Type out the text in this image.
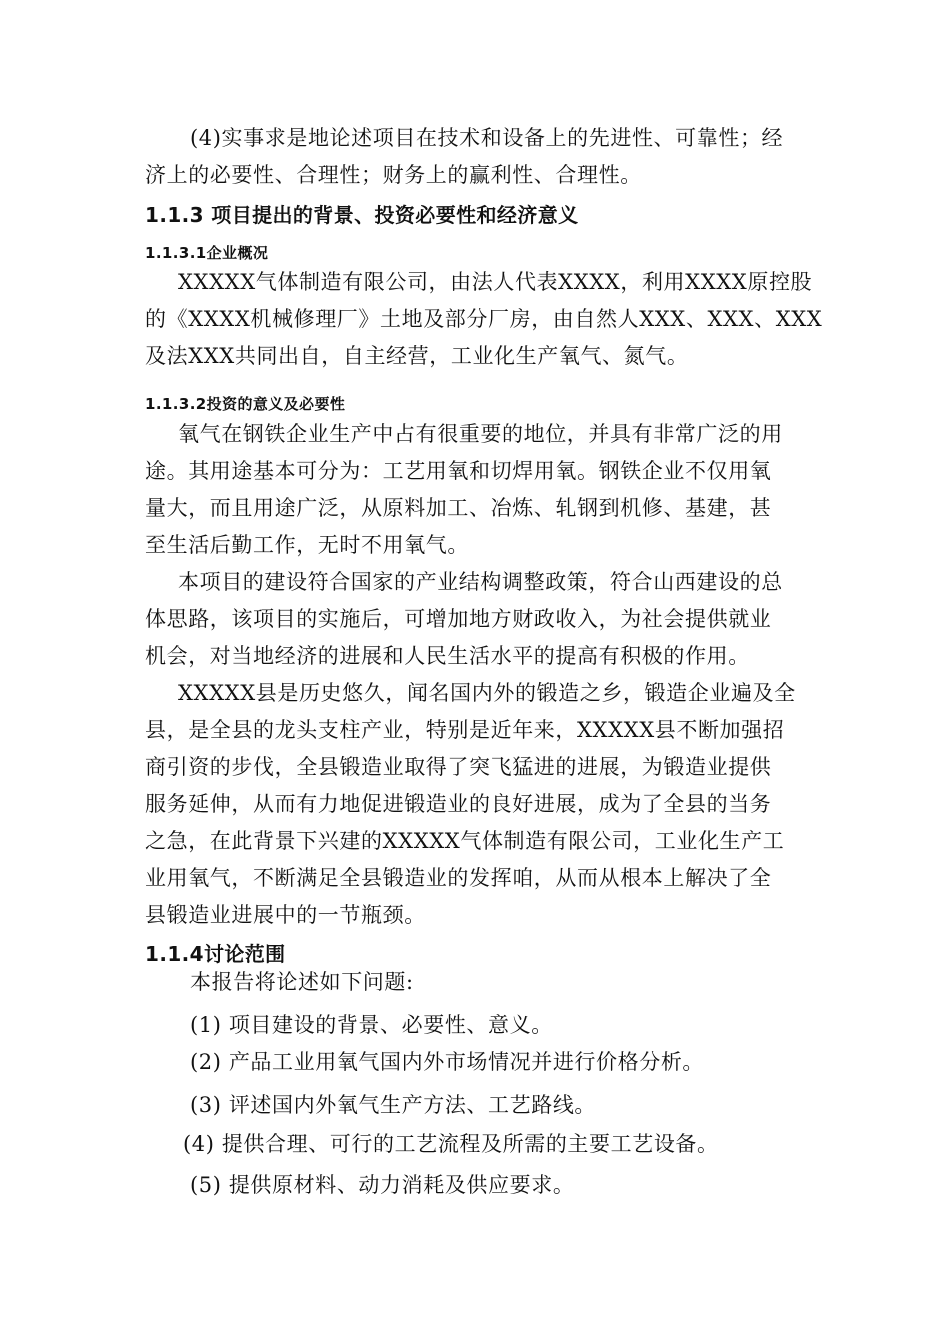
(4)实事求是地论述项目在技术和设备上的先进性、可靠性；经
济上的必要性、合理性；财务上的赢利性、合理性。
1.1.3 项目提出的背景、投资必要性和经济意义
1.1.3.1企业概况
XXXXX气体制造有限公司，由法人代表XXXX，利用XXXX原控股
的《XXXX机械修理厂》土地及部分厂房，由自然人XXX、XXX、XXX
及法XXX共同出自，自主经营，工业化生产氧气、氮气。
1.1.3.2投资的意义及必要性
氧气在钢铁企业生产中占有很重要的地位，并具有非常广泛的用
途。其用途基本可分为：工艺用氧和切焊用氧。钢铁企业不仅用氧
量大，而且用途广泛，从原料加工、冶炼、轧钢到机修、基建，甚
至生活后勤工作，无时不用氧气。
本项目的建设符合国家的产业结构调整政策，符合山西建设的总
体思路，该项目的实施后，可增加地方财政收入，为社会提供就业
机会，对当地经济的进展和人民生活水平的提高有积极的作用。
XXXXX县是历史悠久，闻名国内外的锻造之乡，锻造企业遍及全
县，是全县的龙头支柱产业，特别是近年来，XXXXX县不断加强招
商引资的步伐，全县锻造业取得了突飞猛进的进展，为锻造业提供
服务延伸，从而有力地促进锻造业的良好进展，成为了全县的当务
之急，在此背景下兴建的XXXXX气体制造有限公司，工业化生产工
业用氧气，不断满足全县锻造业的发挥咱，从而从根本上解决了全
县锻造业进展中的一节瓶颈。
1.1.4讨论范围
本报告将论述如下问题:
(1) 项目建设的背景、必要性、意义。
(2) 产品工业用氧气国内外市场情况并进行价格分析。
(3) 评述国内外氧气生产方法、工艺路线。
(4) 提供合理、可行的工艺流程及所需的主要工艺设备。
(5) 提供原材料、动力消耗及供应要求。
